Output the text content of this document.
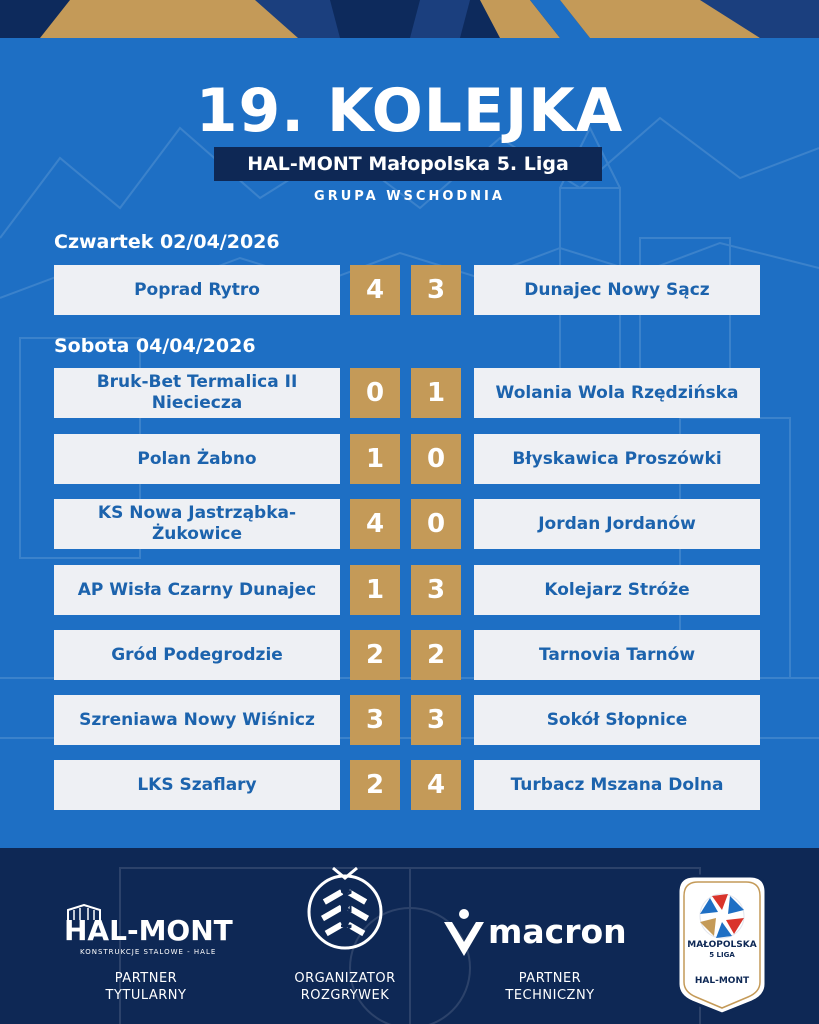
19. KOLEJKA
HAL-MONT Małopolska 5. Liga
GRUPA WSCHODNIA
Czwartek 02/04/2026
Poprad Rytro	4	3	Dunajec Nowy Sącz
Sobota 04/04/2026
Bruk-Bet Termalica II Nieciecza	0	1	Wolania Wola Rzędzińska
Polan Żabno	1	0	Błyskawica Proszówki
KS Nowa Jastrząbka-Żukowice	4	0	Jordan Jordanów
AP Wisła Czarny Dunajec	1	3	Kolejarz Stróże
Gród Podegrodzie	2	2	Tarnovia Tarnów
Szreniawa Nowy Wiśnicz	3	3	Sokół Słopnice
LKS Szaflary	2	4	Turbacz Mszana Dolna
HAL-MONT
KONSTRUKCJE STALOWE - HALE
PARTNER
TYTULARNY
MZPN
ORGANIZATOR
ROZGRYWEK
macron
PARTNER
TECHNICZNY
MAŁOPOLSKA
5 LIGA
HAL-MONT
